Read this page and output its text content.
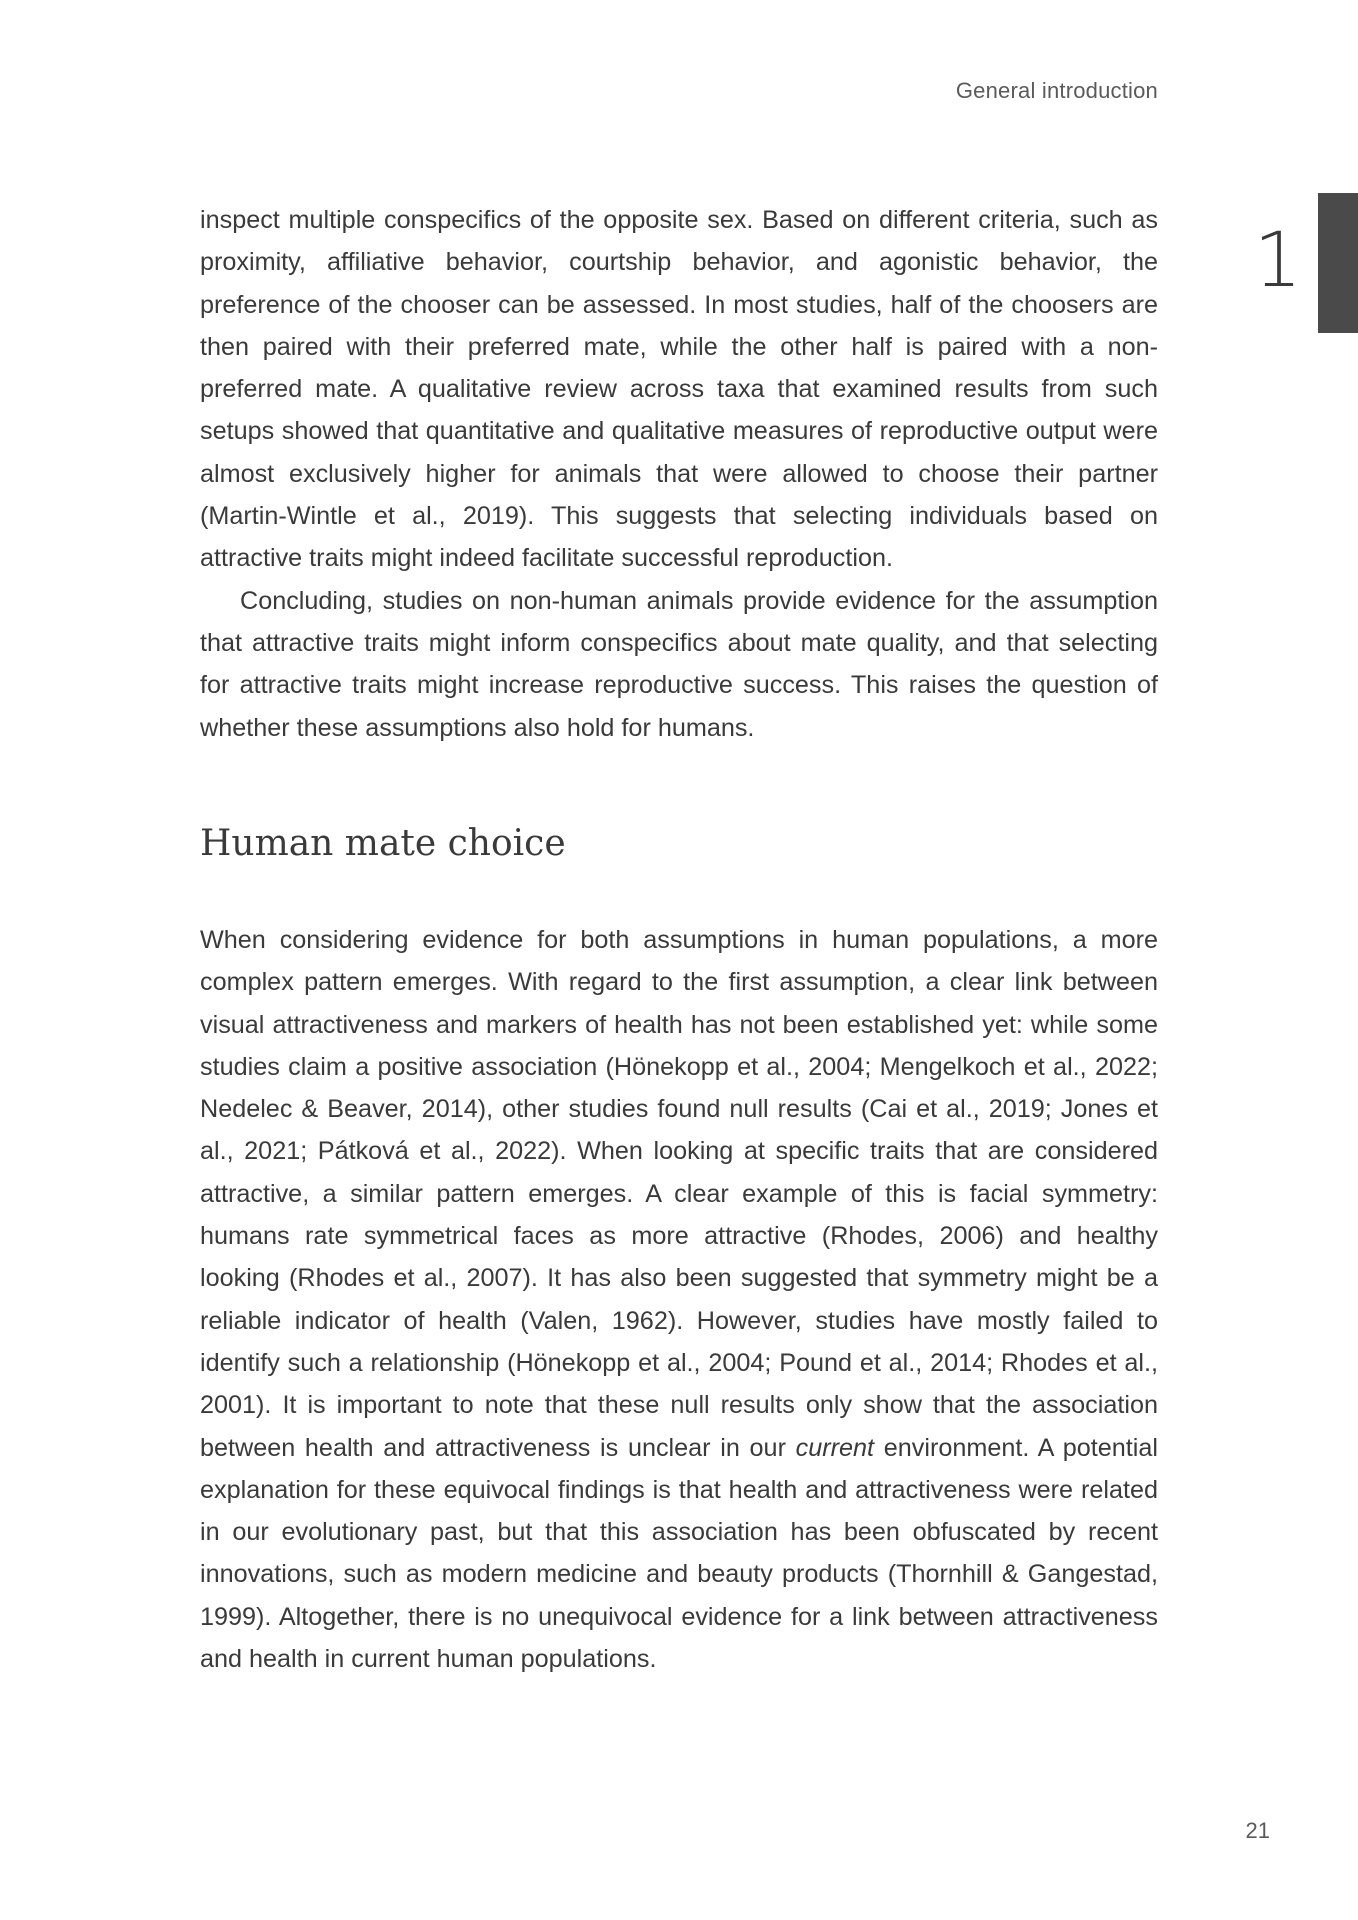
General introduction
1

inspect multiple conspecifics of the opposite sex. Based on different criteria, such as proximity, affiliative behavior, courtship behavior, and agonistic behavior, the preference of the chooser can be assessed. In most studies, half of the choosers are then paired with their preferred mate, while the other half is paired with a non-preferred mate. A qualitative review across taxa that examined results from such setups showed that quantitative and qualitative measures of reproductive output were almost exclusively higher for animals that were allowed to choose their partner (Martin-Wintle et al., 2019). This suggests that selecting individuals based on attractive traits might indeed facilitate successful reproduction.

Concluding, studies on non-human animals provide evidence for the assumption that attractive traits might inform conspecifics about mate quality, and that selecting for attractive traits might increase reproductive success. This raises the question of whether these assumptions also hold for humans.

Human mate choice

When considering evidence for both assumptions in human populations, a more complex pattern emerges. With regard to the first assumption, a clear link between visual attractiveness and markers of health has not been established yet: while some studies claim a positive association (Hönekopp et al., 2004; Mengelkoch et al., 2022; Nedelec & Beaver, 2014), other studies found null results (Cai et al., 2019; Jones et al., 2021; Pátková et al., 2022). When looking at specific traits that are considered attractive, a similar pattern emerges. A clear example of this is facial symmetry: humans rate symmetrical faces as more attractive (Rhodes, 2006) and healthy looking (Rhodes et al., 2007). It has also been suggested that symmetry might be a reliable indicator of health (Valen, 1962). However, studies have mostly failed to identify such a relationship (Hönekopp et al., 2004; Pound et al., 2014; Rhodes et al., 2001). It is important to note that these null results only show that the association between health and attractiveness is unclear in our current environment. A potential explanation for these equivocal findings is that health and attractiveness were related in our evolutionary past, but that this association has been obfuscated by recent innovations, such as modern medicine and beauty products (Thornhill & Gangestad, 1999). Altogether, there is no unequivocal evidence for a link between attractiveness and health in current human populations.

21
